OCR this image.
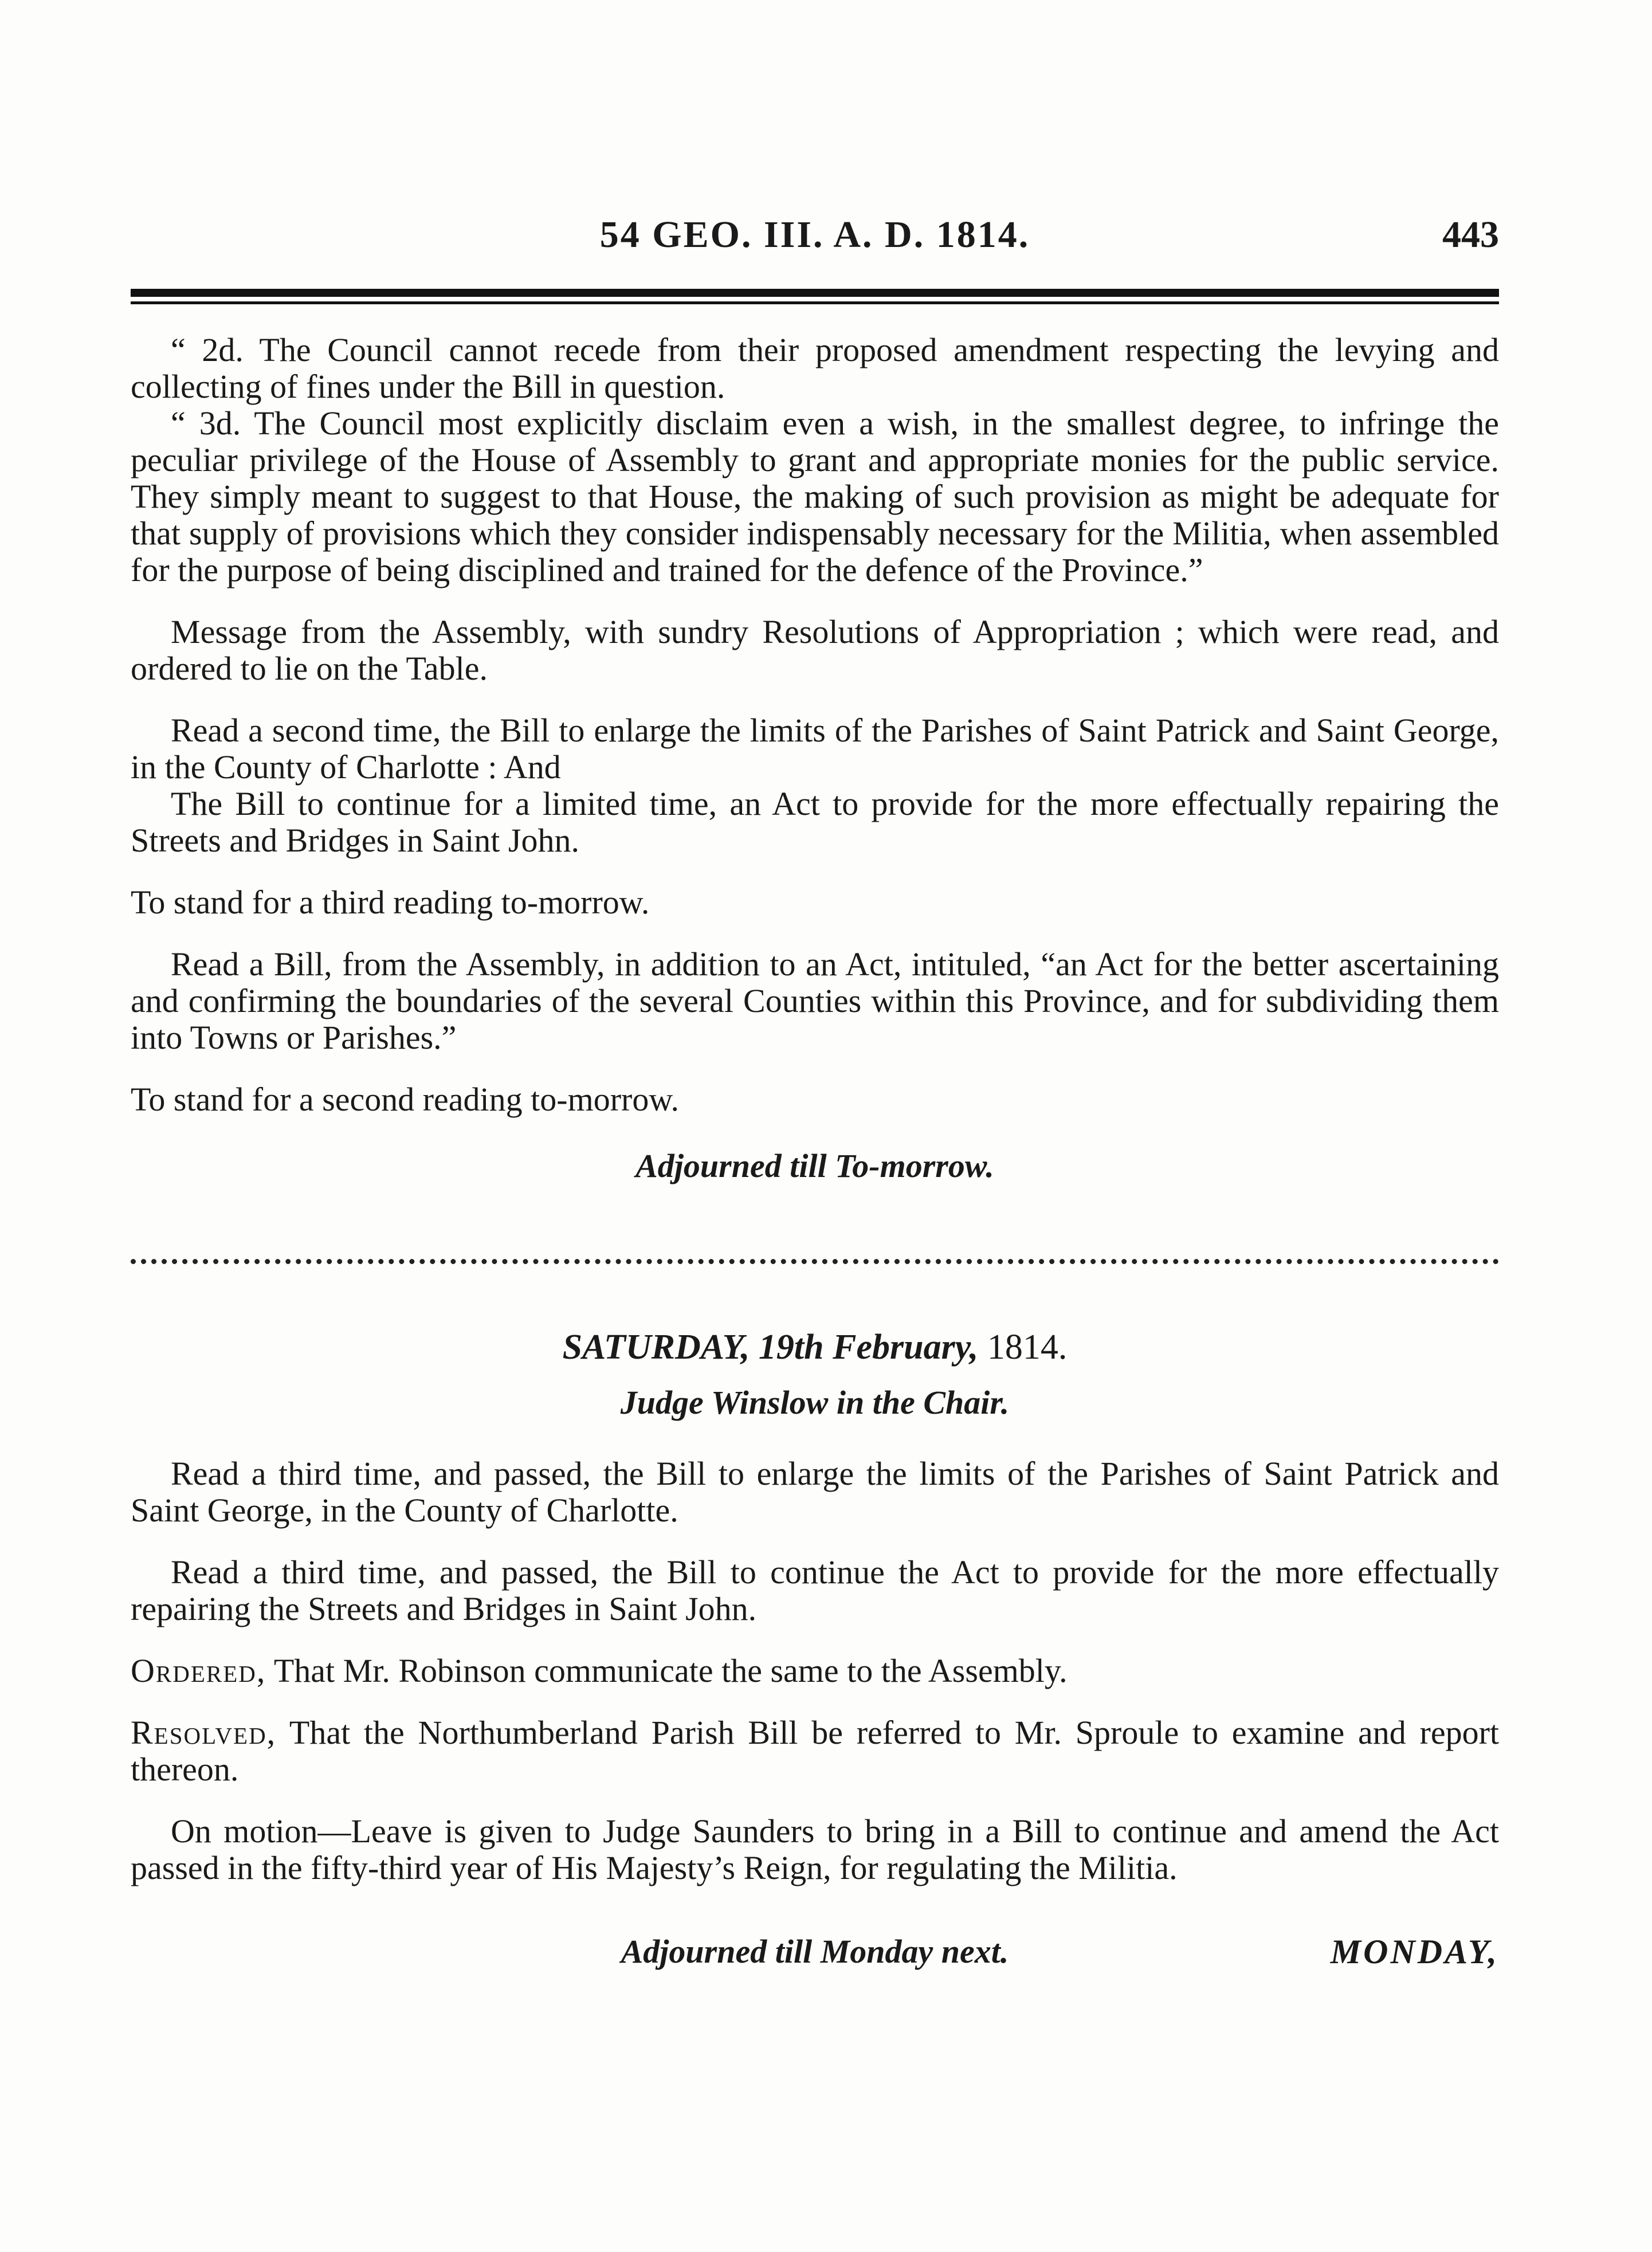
54 GEO. III. A. D. 1814.	443

“ 2d. The Council cannot recede from their proposed amendment respecting the levying and collecting of fines under the Bill in question.

“ 3d. The Council most explicitly disclaim even a wish, in the smallest degree, to infringe the peculiar privilege of the House of Assembly to grant and appropriate monies for the public service. They simply meant to suggest to that House, the making of such provision as might be adequate for that supply of provisions which they consider indispensably necessary for the Militia, when assembled for the purpose of being disciplined and trained for the defence of the Province.”

Message from the Assembly, with sundry Resolutions of Appropriation ; which were read, and ordered to lie on the Table.

Read a second time, the Bill to enlarge the limits of the Parishes of Saint Patrick and Saint George, in the County of Charlotte : And

The Bill to continue for a limited time, an Act to provide for the more effectually repairing the Streets and Bridges in Saint John.

To stand for a third reading to-morrow.

Read a Bill, from the Assembly, in addition to an Act, intituled, “an Act for the better ascertaining and confirming the boundaries of the several Counties within this Province, and for subdividing them into Towns or Parishes.”

To stand for a second reading to-morrow.

Adjourned till To-morrow.
SATURDAY, 19th February, 1814.
Judge Winslow in the Chair.

Read a third time, and passed, the Bill to enlarge the limits of the Parishes of Saint Patrick and Saint George, in the County of Charlotte.

Read a third time, and passed, the Bill to continue the Act to provide for the more effectually repairing the Streets and Bridges in Saint John.

Ordered, That Mr. Robinson communicate the same to the Assembly.

Resolved, That the Northumberland Parish Bill be referred to Mr. Sproule to examine and report thereon.

On motion—Leave is given to Judge Saunders to bring in a Bill to continue and amend the Act passed in the fifty-third year of His Majesty’s Reign, for regulating the Militia.

Adjourned till Monday next.	MONDAY,
